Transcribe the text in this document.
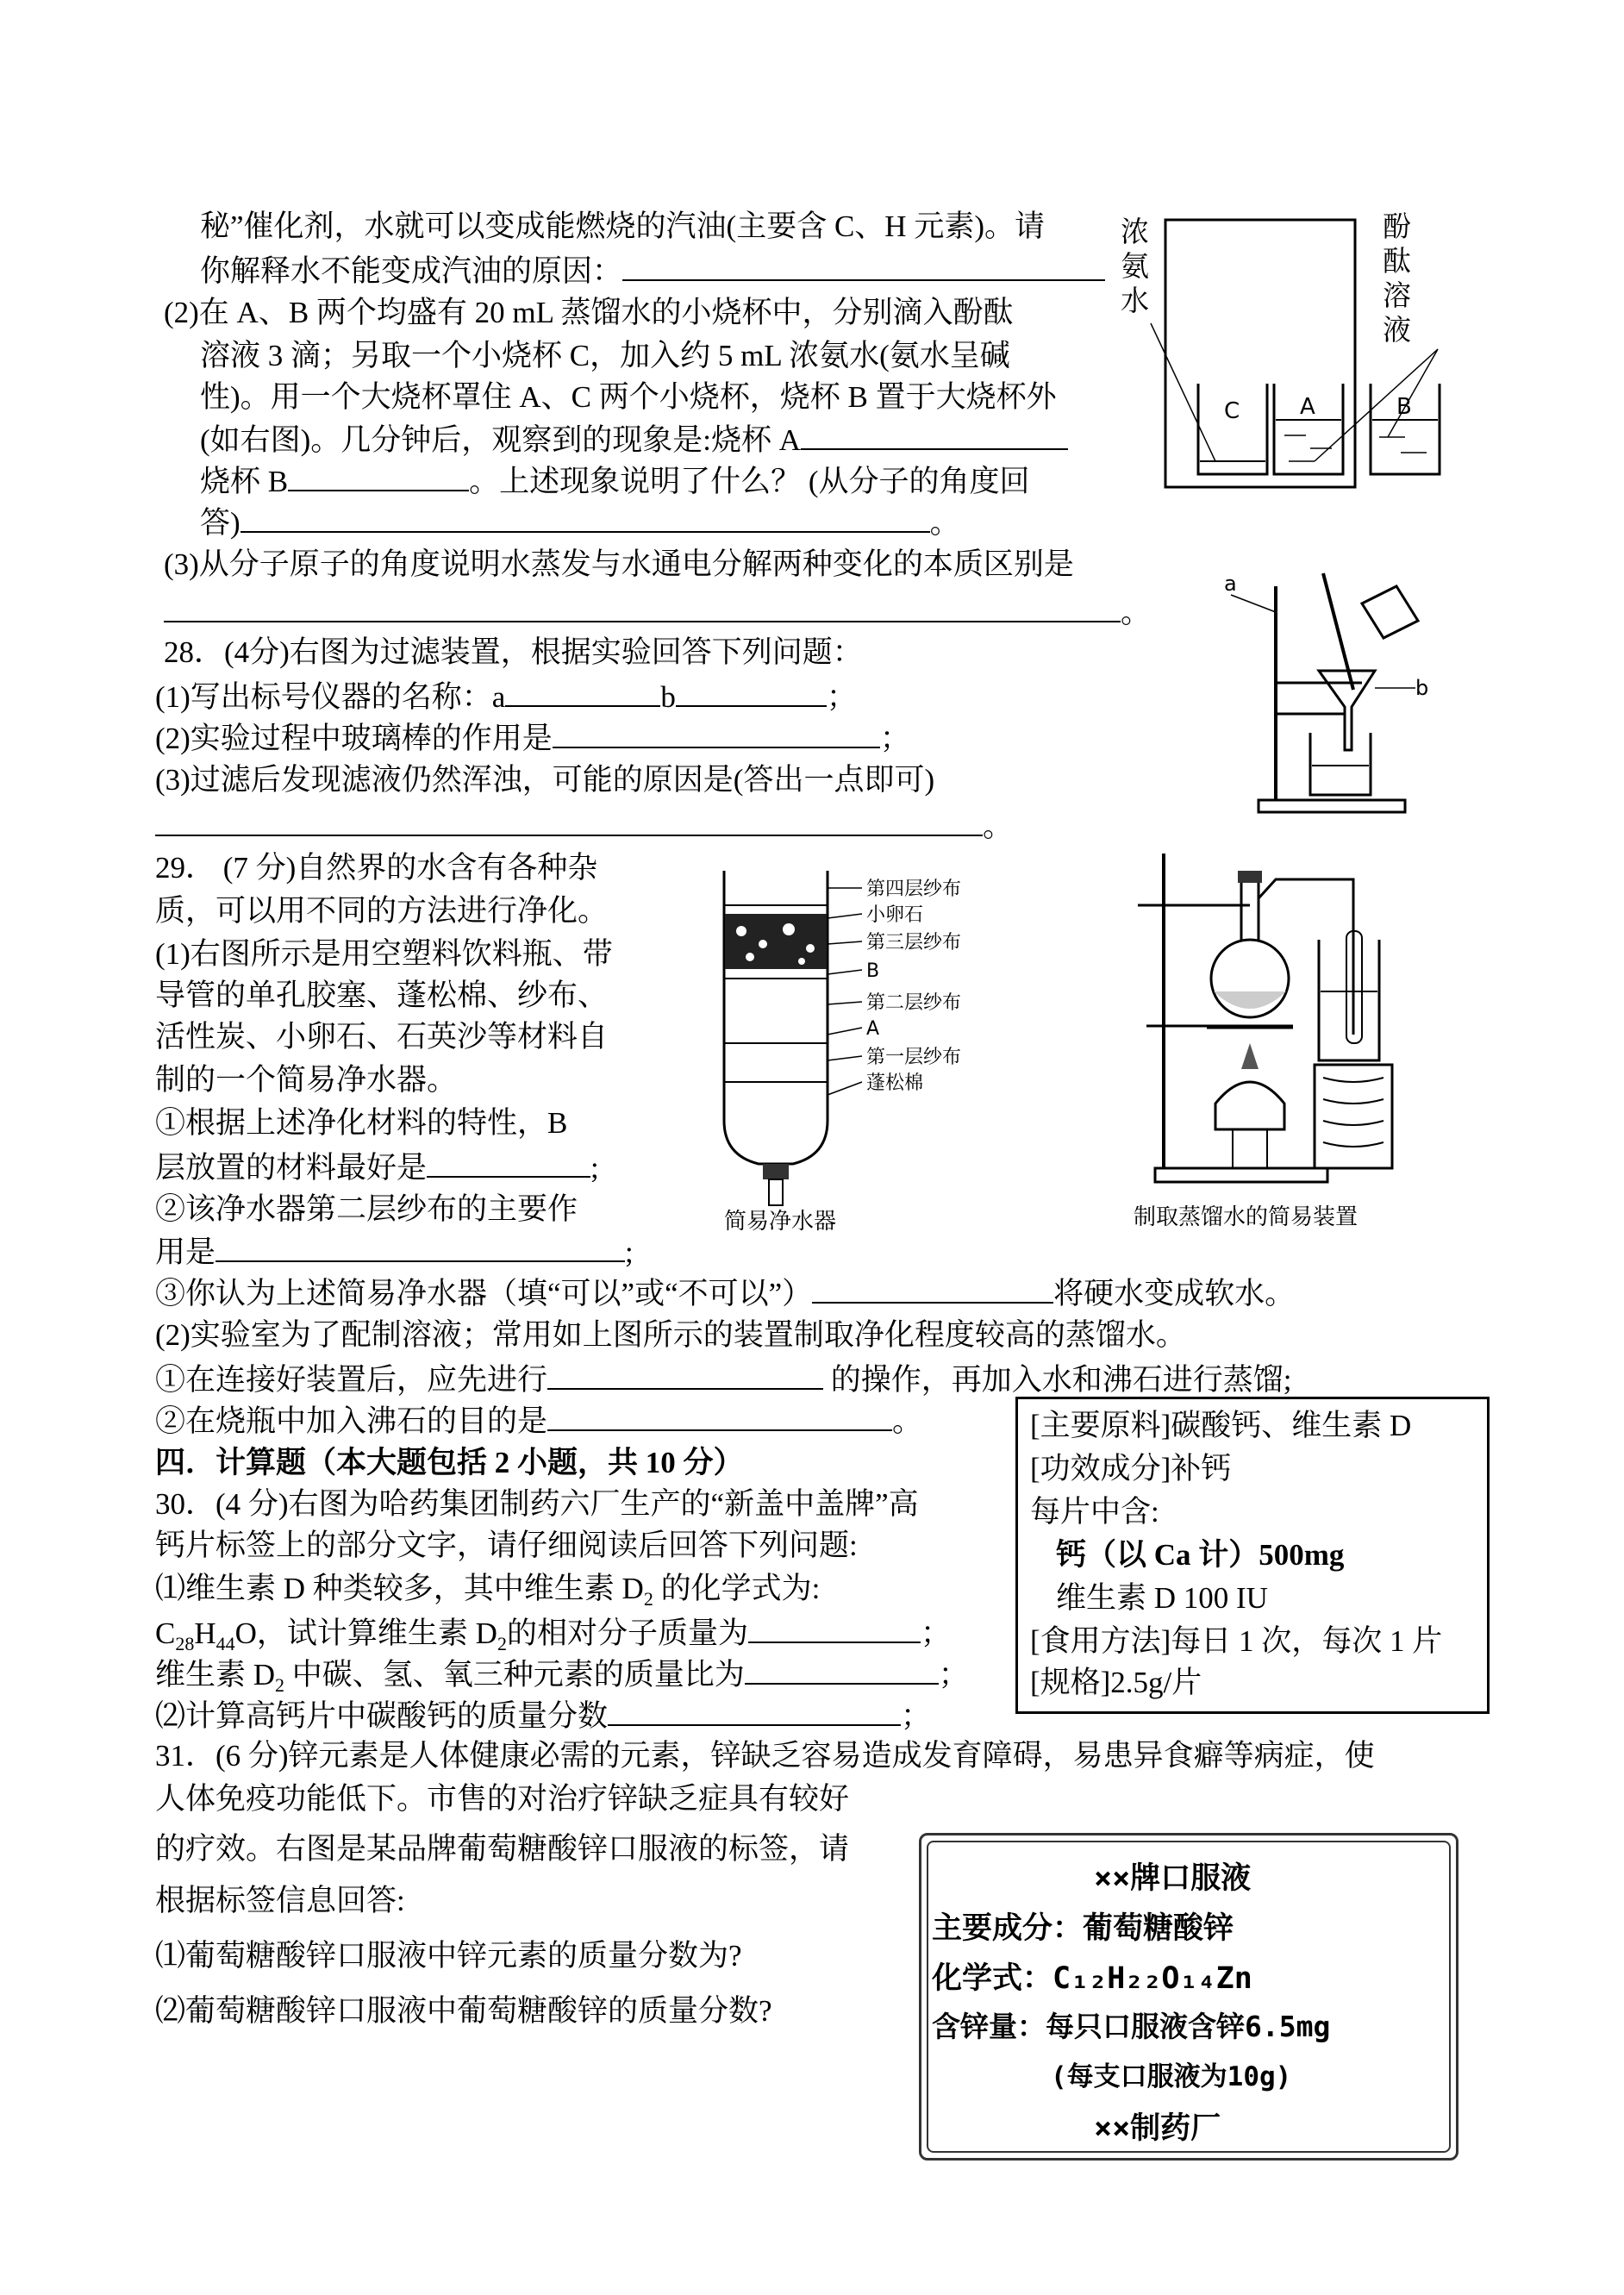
秘”催化剂，水就可以变成能燃烧的汽油(主要含 C、H 元素)。请
你解释水不能变成汽油的原因：
(2)在 A、B 两个均盛有 20 mL 蒸馏水的小烧杯中，分别滴入酚酞
溶液 3 滴；另取一个小烧杯 C，加入约 5 mL 浓氨水(氨水呈碱
性)。用一个大烧杯罩住 A、C 两个小烧杯，烧杯 B 置于大烧杯外
(如右图)。几分钟后，观察到的现象是:烧杯 A
烧杯 B	。上述现象说明了什么？ (从分子的角度回
答)	。
(3)从分子原子的角度说明水蒸发与水通电分解两种变化的本质区别是
。
C	A	B
浓氨水
酚酞溶液
28．(4分)右图为过滤装置，根据实验回答下列问题：
(1)写出标号仪器的名称：a	b	；
(2)实验过程中玻璃棒的作用是	；
(3)过滤后发现滤液仍然浑浊，可能的原因是(答出一点即可)
。
a
b
29． (7 分)自然界的水含有各种杂
质，可以用不同的方法进行净化。
(1)右图所示是用空塑料饮料瓶、带
导管的单孔胶塞、蓬松棉、纱布、
活性炭、小卵石、石英沙等材料自
制的一个简易净水器。
①根据上述净化材料的特性，B
层放置的材料最好是	;
②该净水器第二层纱布的主要作
用是	;
③你认为上述简易净水器（填“可以”或“不可以”）	将硬水变成软水。
(2)实验室为了配制溶液；常用如上图所示的装置制取净化程度较高的蒸馏水。
①在连接好装置后，应先进行	的操作，再加入水和沸石进行蒸馏;
②在烧瓶中加入沸石的目的是	。
第四层纱布
小卵石
第三层纱布
B
第二层纱布
A
第一层纱布
蓬松棉
简易净水器	制取蒸馏水的简易装置
四．计算题（本大题包括 2 小题，共 10 分）
30．(4 分)右图为哈药集团制药六厂生产的“新盖中盖牌”高
钙片标签上的部分文字，请仔细阅读后回答下列问题:
⑴维生素 D 种类较多，其中维生素 $D_2$ 的化学式为:
$C_{28}H_{44}O$，试计算维生素 $D_2$的相对分子质量为	；
维生素 $D_2$ 中碳、氢、氧三种元素的质量比为	；
⑵计算高钙片中碳酸钙的质量分数	；
[主要原料]碳酸钙、维生素 D
[功效成分]补钙
每片中含:
钙（以 Ca 计）500mg
维生素 D 100 IU
[食用方法]每日 1 次，每次 1 片
[规格]2.5g/片
31．(6 分)锌元素是人体健康必需的元素，锌缺乏容易造成发育障碍，易患异食癖等病症，使
人体免疫功能低下。市售的对治疗锌缺乏症具有较好
的疗效。右图是某品牌葡萄糖酸锌口服液的标签，请
根据标签信息回答:
⑴葡萄糖酸锌口服液中锌元素的质量分数为?
⑵葡萄糖酸锌口服液中葡萄糖酸锌的质量分数?
××牌口服液
主要成分：葡萄糖酸锌
化学式：C₁₂H₂₂O₁₄Zn
含锌量：每只口服液含锌6.5mg
(每支口服液为10g)
××制药厂
